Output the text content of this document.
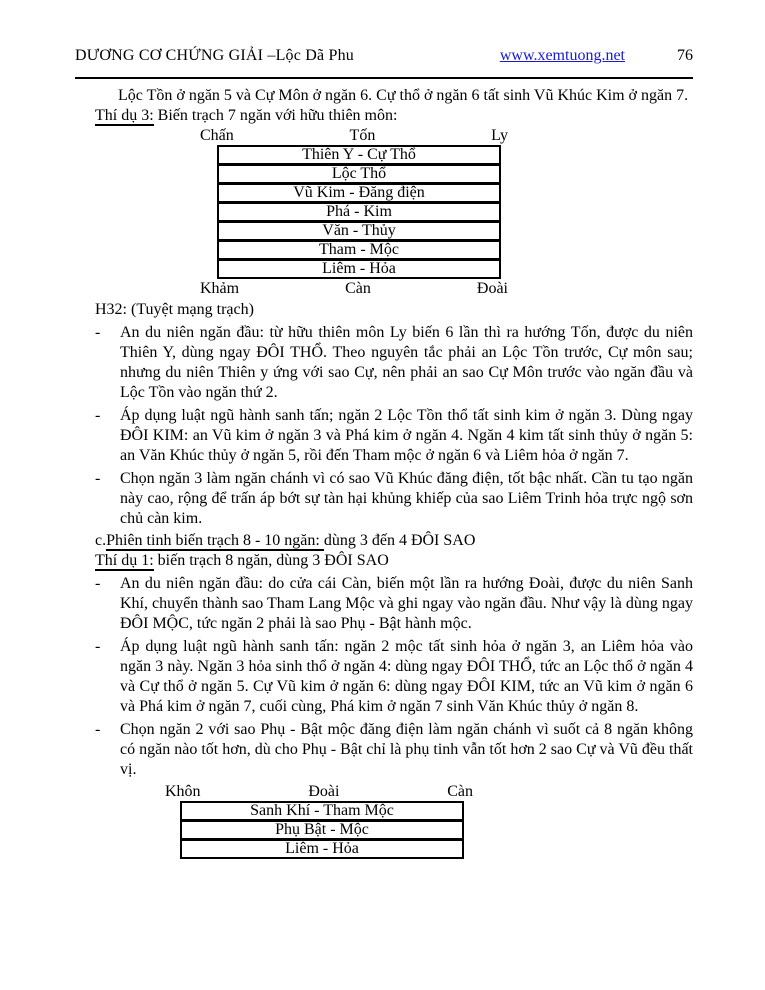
DƯƠNG CƠ CHỨNG GIẢI –Lộc Dã Phu	www.xemtuong.net	76
Lộc Tồn ở ngăn 5 và Cự Môn ở ngăn 6. Cự thổ ở ngăn 6 tất sinh Vũ Khúc Kim ở ngăn 7.
Thí dụ 3: Biến trạch 7 ngăn với hữu thiên môn:
Chấn	Tốn	Ly
Thiên Y - Cự Thổ
Lộc Thổ
Vũ Kim - Đăng điện
Phá - Kim
Văn - Thủy
Tham - Mộc
Liêm - Hỏa
Khảm	Càn	Đoài
H32: (Tuyệt mạng trạch)
-	An du niên ngăn đầu: từ hữu thiên môn Ly biến 6 lần thì ra hướng Tốn, được du niên Thiên Y, dùng ngay ĐÔI THỔ. Theo nguyên tắc phải an Lộc Tồn trước, Cự môn sau; nhưng du niên Thiên y ứng với sao Cự, nên phải an sao Cự Môn trước vào ngăn đầu và Lộc Tồn vào ngăn thứ 2.
-	Áp dụng luật ngũ hành sanh tấn; ngăn 2 Lộc Tồn thổ tất sinh kim ở ngăn 3. Dùng ngay ĐÔI KIM: an Vũ kim ở ngăn 3 và Phá kim ở ngăn 4. Ngăn 4 kim tất sinh thủy ở ngăn 5: an Văn Khúc thủy ở ngăn 5, rồi đến Tham mộc ở ngăn 6 và Liêm hỏa ở ngăn 7.
-	Chọn ngăn 3 làm ngăn chánh vì có sao Vũ Khúc đăng điện, tốt bậc nhất. Cần tu tạo ngăn này cao, rộng để trấn áp bớt sự tàn hại khủng khiếp của sao Liêm Trinh hỏa trực ngộ sơn chủ càn kim.
c.Phiên tinh biến trạch 8 - 10 ngăn: dùng 3 đến 4 ĐÔI SAO
Thí dụ 1: biến trạch 8 ngăn, dùng 3 ĐÔI SAO
-	An du niên ngăn đầu: do cửa cái Càn, biến một lần ra hướng Đoài, được du niên Sanh Khí, chuyển thành sao Tham Lang Mộc và ghi ngay vào ngăn đầu. Như vậy là dùng ngay ĐÔI MỘC, tức ngăn 2 phải là sao Phụ - Bật hành mộc.
-	Áp dụng luật ngũ hành sanh tấn: ngăn 2 mộc tất sinh hỏa ở ngăn 3, an Liêm hỏa vào ngăn 3 này. Ngăn 3 hỏa sinh thổ ở ngăn 4: dùng ngay ĐÔI THỔ, tức an Lộc thổ ở ngăn 4 và Cự thổ ở ngăn 5. Cự Vũ kim ở ngăn 6: dùng ngay ĐÔI KIM, tức an Vũ kim ở ngăn 6 và Phá kim ở ngăn 7, cuối cùng, Phá kim ở ngăn 7 sinh Văn Khúc thủy ở ngăn 8.
-	Chọn ngăn 2 với sao Phụ - Bật mộc đăng điện làm ngăn chánh vì suốt cả 8 ngăn không có ngăn nào tốt hơn, dù cho Phụ - Bật chỉ là phụ tinh vẫn tốt hơn 2 sao Cự và Vũ đều thất vị.
Khôn	Đoài	Càn
Sanh Khí - Tham Mộc
Phụ Bật - Mộc
Liêm - Hỏa
